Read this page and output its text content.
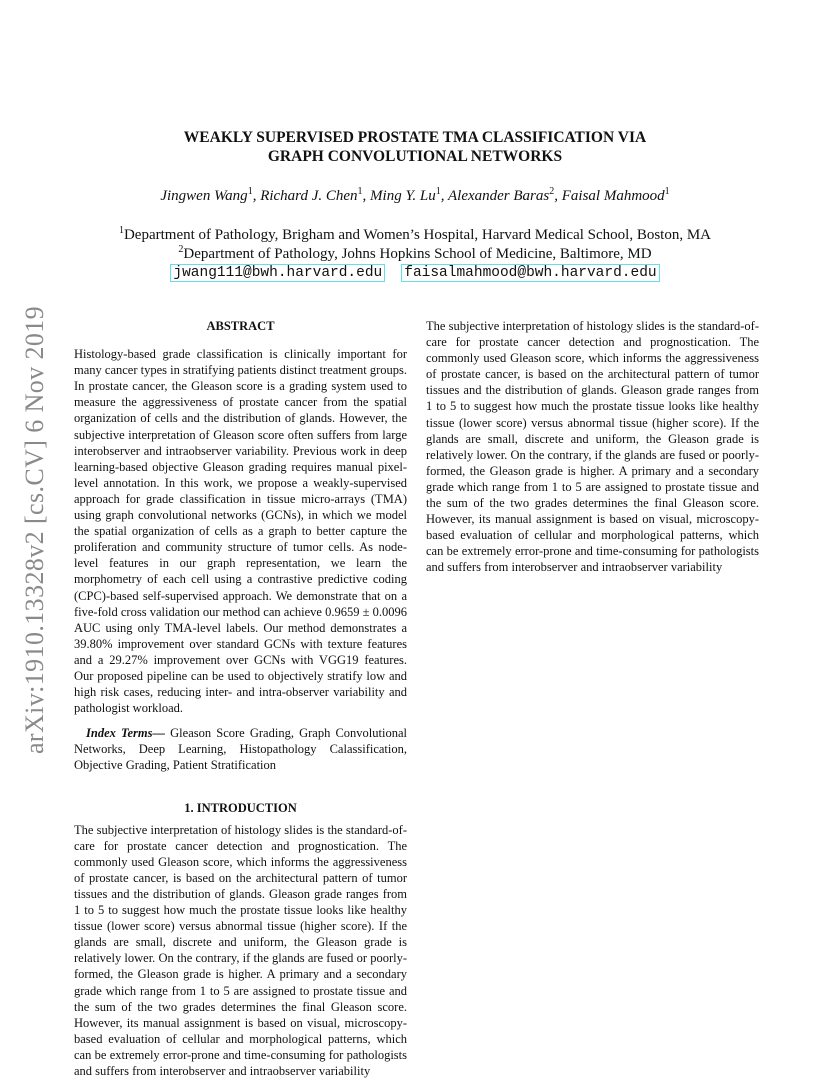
arXiv:1910.13328v2 [cs.CV] 6 Nov 2019
WEAKLY SUPERVISED PROSTATE TMA CLASSIFICATION VIA
GRAPH CONVOLUTIONAL NETWORKS
Jingwen Wang$^1$, Richard J. Chen$^1$, Ming Y. Lu$^1$, Alexander Baras$^2$, Faisal Mahmood$^1$
$^1$Department of Pathology, Brigham and Women’s Hospital, Harvard Medical School, Boston, MA
$^2$Department of Pathology, Johns Hopkins School of Medicine, Baltimore, MD
jwang111@bwh.harvard.edu faisalmahmood@bwh.harvard.edu

ABSTRACT

Histology-based grade classification is clinically important for many cancer types in stratifying patients distinct treatment groups. In prostate cancer, the Gleason score is a grading system used to measure the aggressiveness of prostate cancer from the spatial organization of cells and the distribution of glands. However, the subjective interpretation of Gleason score often suffers from large interobserver and intraobserver variability. Previous work in deep learning-based objective Gleason grading requires manual pixel-level annotation. In this work, we propose a weakly-supervised approach for grade classification in tissue micro-arrays (TMA) using graph convolutional networks (GCNs), in which we model the spatial organization of cells as a graph to better capture the proliferation and community structure of tumor cells. As node-level features in our graph representation, we learn the morphometry of each cell using a contrastive predictive coding (CPC)-based self-supervised approach. We demonstrate that on a five-fold cross validation our method can achieve 0.9659 ± 0.0096 AUC using only TMA-level labels. Our method demonstrates a 39.80% improvement over standard GCNs with texture features and a 29.27% improvement over GCNs with VGG19 features. Our proposed pipeline can be used to objectively stratify low and high risk cases, reducing inter- and intra-observer variability and pathologist workload.

Index Terms— Gleason Score Grading, Graph Convolutional Networks, Deep Learning, Histopathology Calassification, Objective Grading, Patient Stratification

1. INTRODUCTION

The subjective interpretation of histology slides is the standard-of-care for prostate cancer detection and prognostication. The commonly used Gleason score, which informs the aggressiveness of prostate cancer, is based on the architectural pattern of tumor tissues and the distribution of glands. Gleason grade ranges from 1 to 5 to suggest how much the prostate tissue looks like healthy tissue (lower score) versus abnormal tissue (higher score). If the glands are small, discrete and uniform, the Gleason grade is relatively lower. On the contrary, if the glands are fused or poorly-formed, the Gleason grade is higher. A primary and a secondary grade which range from 1 to 5 are assigned to prostate tissue and the sum of the two grades determines the final Gleason score. However, its manual assignment is based on visual, microscopy-based evaluation of cellular and morphological patterns, which can be extremely error-prone and time-consuming for pathologists and suffers from interobserver and intraobserver variability

The subjective interpretation of histology slides is the standard-of-care for prostate cancer detection and prognostication. The commonly used Gleason score, which informs the aggressiveness of prostate cancer, is based on the architectural pattern of tumor tissues and the distribution of glands. Gleason grade ranges from 1 to 5 to suggest how much the prostate tissue looks like healthy tissue (lower score) versus abnormal tissue (higher score). If the glands are small, discrete and uniform, the Gleason grade is relatively lower. On the contrary, if the glands are fused or poorly-formed, the Gleason grade is higher. A primary and a secondary grade which range from 1 to 5 are assigned to prostate tissue and the sum of the two grades determines the final Gleason score. However, its manual assignment is based on visual, microscopy-based evaluation of cellular and morphological patterns, which can be extremely error-prone and time-consuming for pathologists and suffers from interobserver and intraobserver variability
